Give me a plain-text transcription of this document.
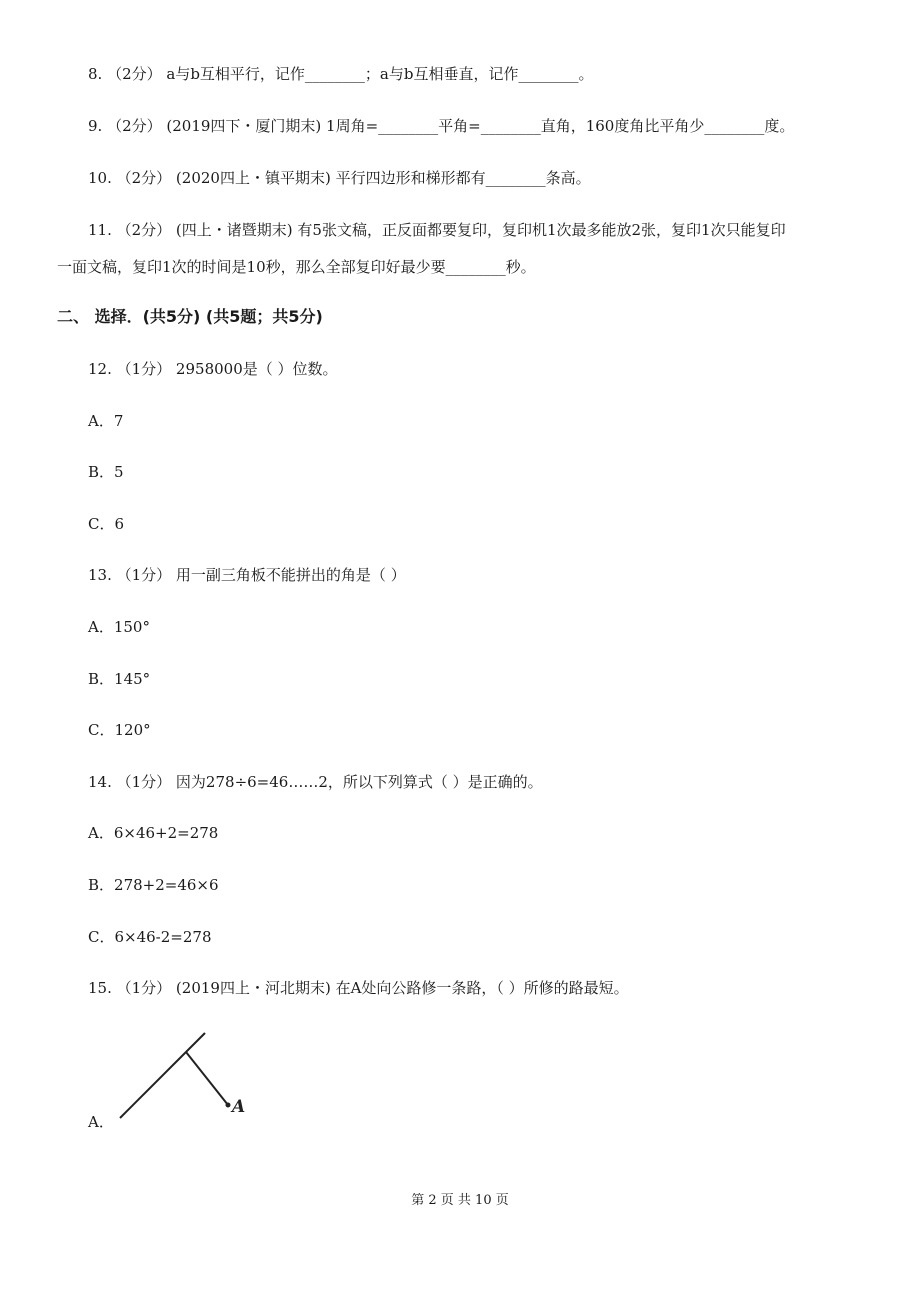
8. （2分） a与b互相平行，记作________；a与b互相垂直，记作________。
9. （2分） (2019四下・厦门期末) 1周角=________平角=________直角，160度角比平角少________度。
10. （2分） (2020四上・镇平期末) 平行四边形和梯形都有________条高。
11. （2分） (四上・诸暨期末) 有5张文稿，正反面都要复印，复印机1次最多能放2张，复印1次只能复印
一面文稿，复印1次的时间是10秒，那么全部复印好最少要________秒。
二、 选择．(共5分) (共5题；共5分)
12. （1分） 2958000是（ ）位数。
A．7
B．5
C．6
13. （1分） 用一副三角板不能拼出的角是（ ）
A．150°
B．145°
C．120°
14. （1分） 因为278÷6=46……2，所以下列算式（ ）是正确的。
A．6×46+2=278
B．278+2=46×6
C．6×46-2=278
15. （1分） (2019四上・河北期末) 在A处向公路修一条路，（ ）所修的路最短。
A
A．
第 2 页 共 10 页
